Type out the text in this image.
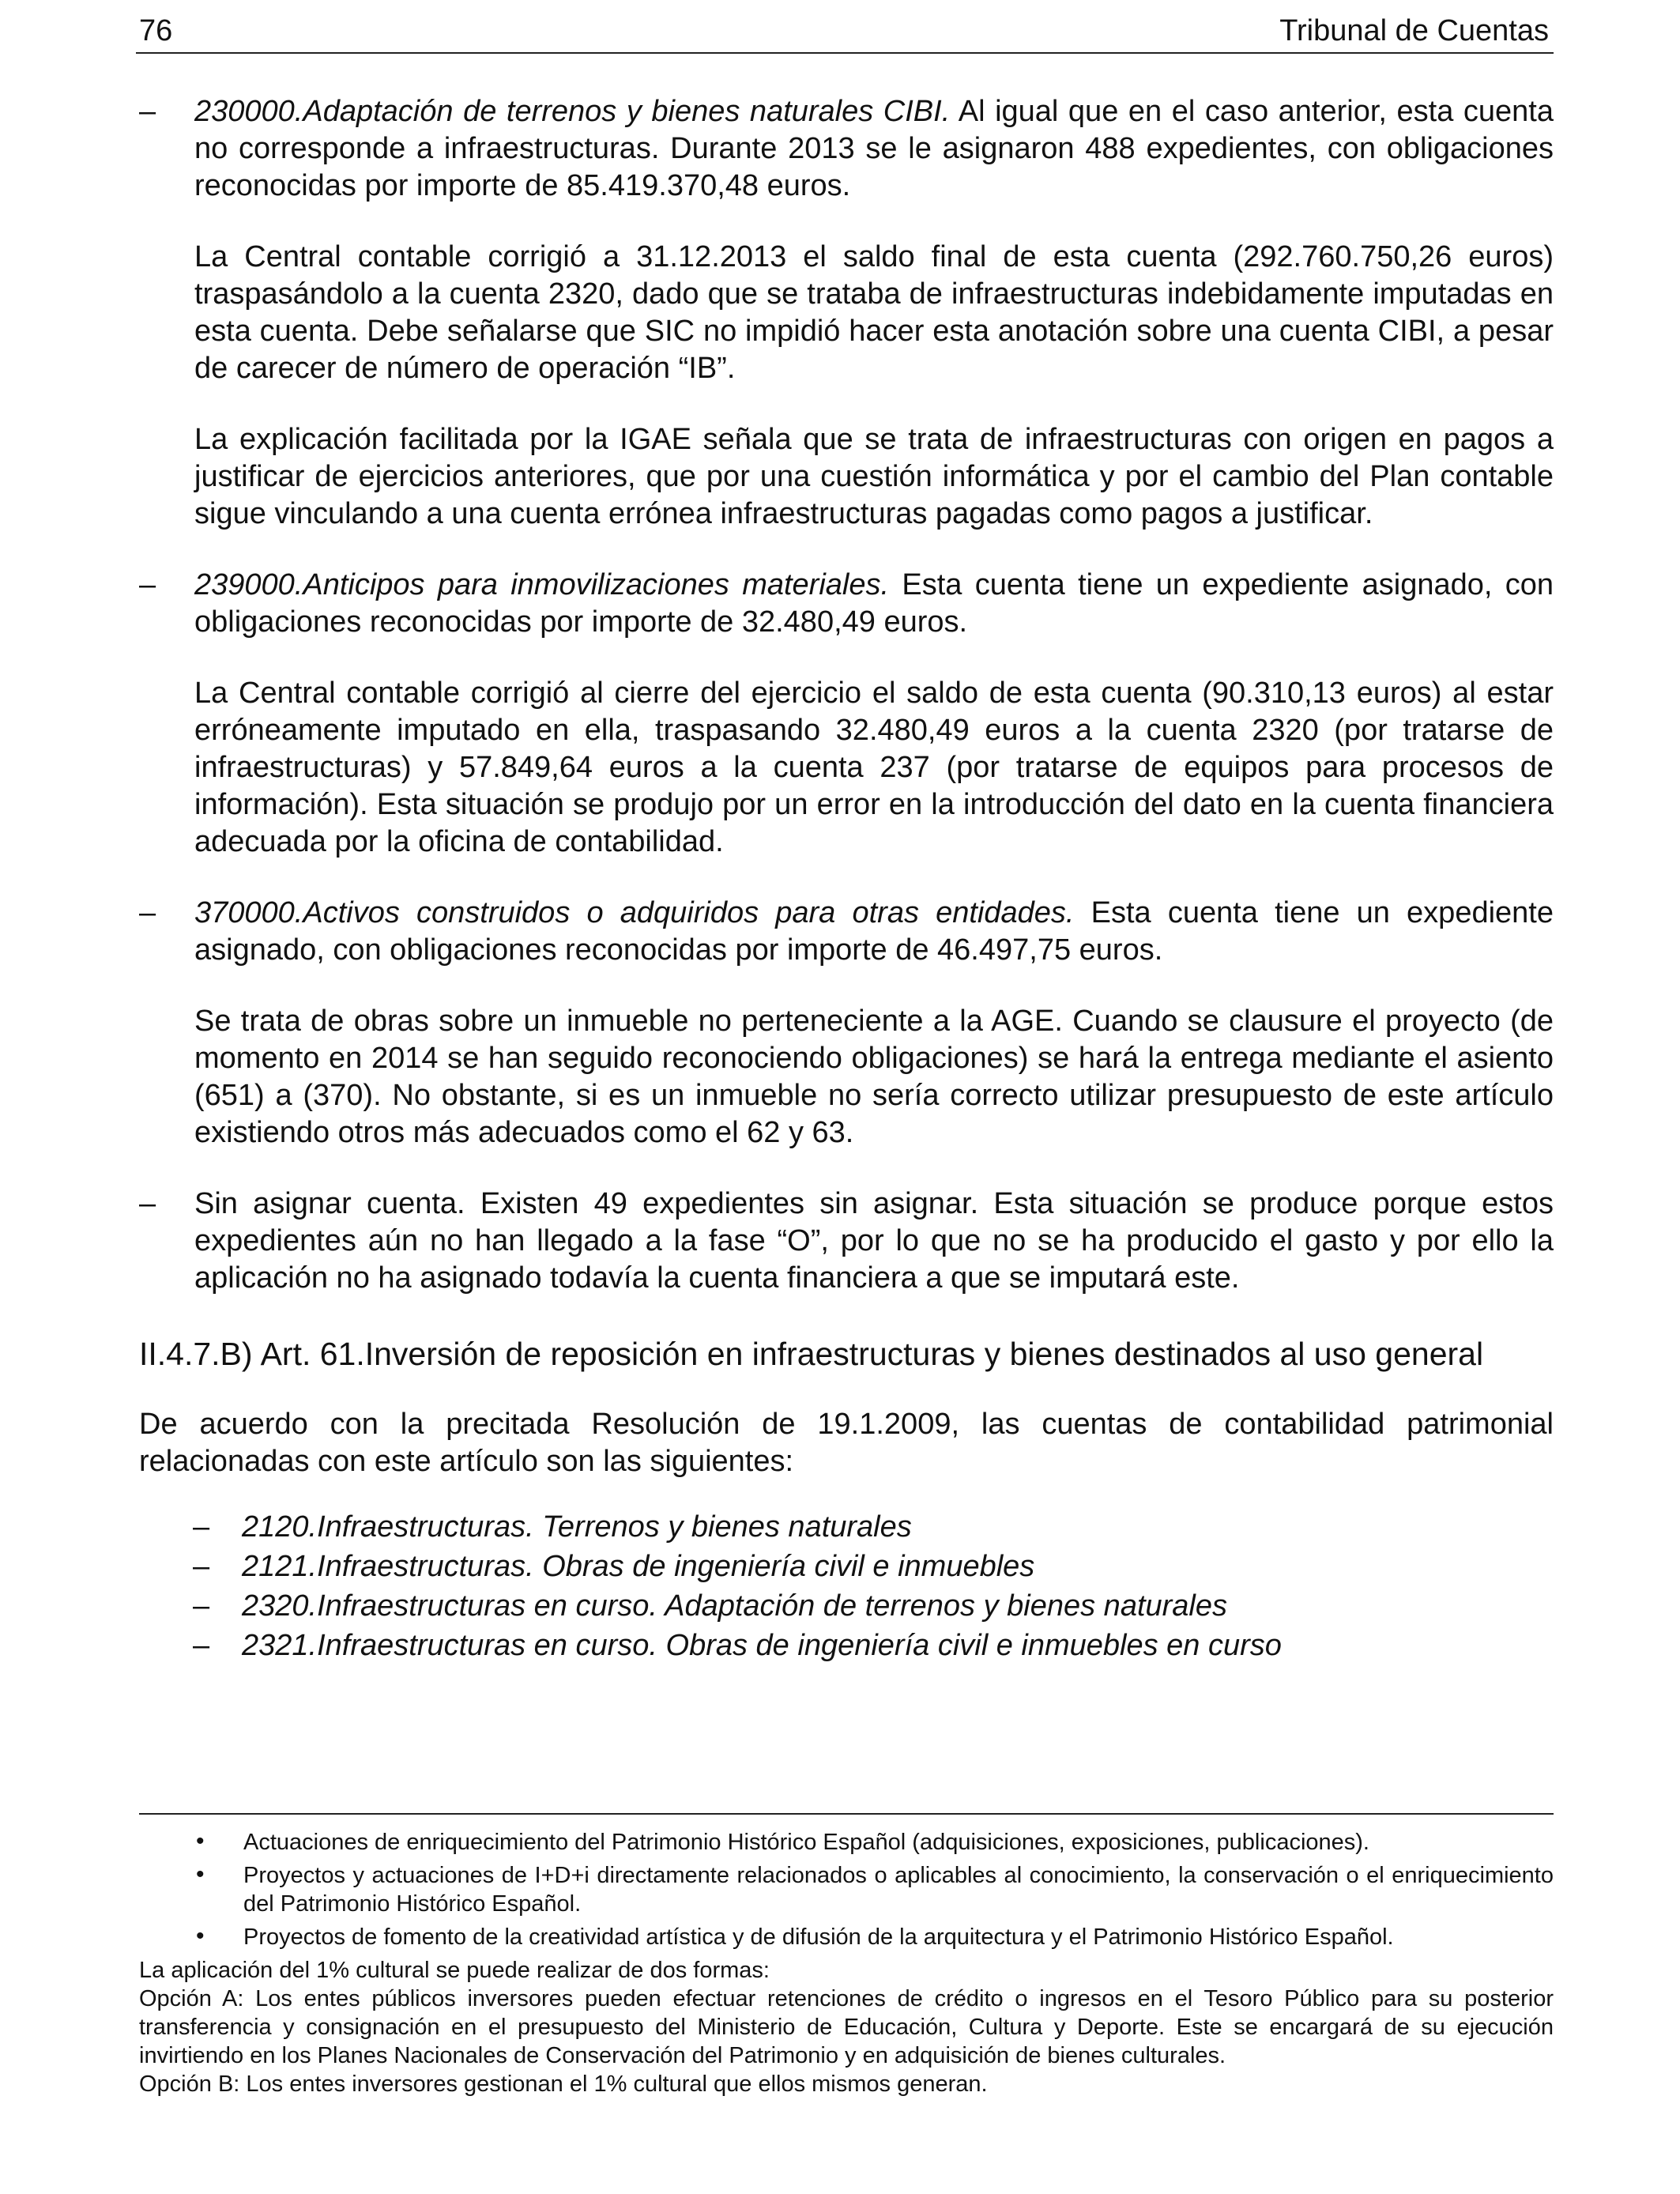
76	Tribunal de Cuentas
– 230000.Adaptación de terrenos y bienes naturales CIBI. Al igual que en el caso anterior, esta cuenta no corresponde a infraestructuras. Durante 2013 se le asignaron 488 expedientes, con obligaciones reconocidas por importe de 85.419.370,48 euros.

La Central contable corrigió a 31.12.2013 el saldo final de esta cuenta (292.760.750,26 euros) traspasándolo a la cuenta 2320, dado que se trataba de infraestructuras indebidamente imputadas en esta cuenta. Debe señalarse que SIC no impidió hacer esta anotación sobre una cuenta CIBI, a pesar de carecer de número de operación “IB”.

La explicación facilitada por la IGAE señala que se trata de infraestructuras con origen en pagos a justificar de ejercicios anteriores, que por una cuestión informática y por el cambio del Plan contable sigue vinculando a una cuenta errónea infraestructuras pagadas como pagos a justificar.

– 239000.Anticipos para inmovilizaciones materiales. Esta cuenta tiene un expediente asignado, con obligaciones reconocidas por importe de 32.480,49 euros.

La Central contable corrigió al cierre del ejercicio el saldo de esta cuenta (90.310,13 euros) al estar erróneamente imputado en ella, traspasando 32.480,49 euros a la cuenta 2320 (por tratarse de infraestructuras) y 57.849,64 euros a la cuenta 237 (por tratarse de equipos para procesos de información). Esta situación se produjo por un error en la introducción del dato en la cuenta financiera adecuada por la oficina de contabilidad.

– 370000.Activos construidos o adquiridos para otras entidades. Esta cuenta tiene un expediente asignado, con obligaciones reconocidas por importe de 46.497,75 euros.

Se trata de obras sobre un inmueble no perteneciente a la AGE. Cuando se clausure el proyecto (de momento en 2014 se han seguido reconociendo obligaciones) se hará la entrega mediante el asiento (651) a (370). No obstante, si es un inmueble no sería correcto utilizar presupuesto de este artículo existiendo otros más adecuados como el 62 y 63.

– Sin asignar cuenta. Existen 49 expedientes sin asignar. Esta situación se produce porque estos expedientes aún no han llegado a la fase “O”, por lo que no se ha producido el gasto y por ello la aplicación no ha asignado todavía la cuenta financiera a que se imputará este.

II.4.7.B) Art. 61.Inversión de reposición en infraestructuras y bienes destinados al uso general

De acuerdo con la precitada Resolución de 19.1.2009, las cuentas de contabilidad patrimonial relacionadas con este artículo son las siguientes:

– 2120.Infraestructuras. Terrenos y bienes naturales
– 2121.Infraestructuras. Obras de ingeniería civil e inmuebles
– 2320.Infraestructuras en curso. Adaptación de terrenos y bienes naturales
– 2321.Infraestructuras en curso. Obras de ingeniería civil e inmuebles en curso
• Actuaciones de enriquecimiento del Patrimonio Histórico Español (adquisiciones, exposiciones, publicaciones).
• Proyectos y actuaciones de I+D+i directamente relacionados o aplicables al conocimiento, la conservación o el enriquecimiento del Patrimonio Histórico Español.
• Proyectos de fomento de la creatividad artística y de difusión de la arquitectura y el Patrimonio Histórico Español.

La aplicación del 1% cultural se puede realizar de dos formas:

Opción A: Los entes públicos inversores pueden efectuar retenciones de crédito o ingresos en el Tesoro Público para su posterior transferencia y consignación en el presupuesto del Ministerio de Educación, Cultura y Deporte. Este se encargará de su ejecución invirtiendo en los Planes Nacionales de Conservación del Patrimonio y en adquisición de bienes culturales.

Opción B: Los entes inversores gestionan el 1% cultural que ellos mismos generan.
